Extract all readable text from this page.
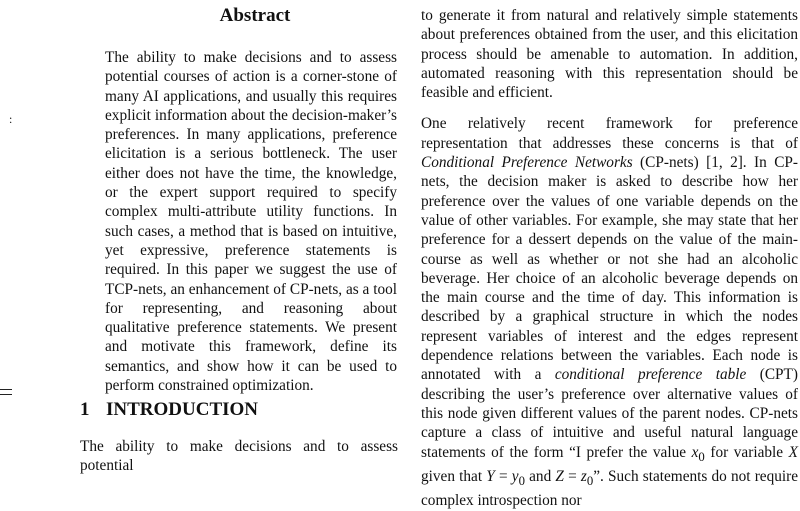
:
Abstract

The ability to make decisions and to assess potential courses of action is a corner-stone of many AI applications, and usually this requires explicit information about the decision-maker’s preferences. In many applications, preference elicitation is a serious bottleneck. The user either does not have the time, the knowledge, or the expert support required to specify complex multi-attribute utility functions. In such cases, a method that is based on intuitive, yet expressive, preference statements is required. In this paper we suggest the use of TCP-nets, an enhancement of CP-nets, as a tool for representing, and reasoning about qualitative preference statements. We present and motivate this framework, define its semantics, and show how it can be used to perform constrained optimization.

1 INTRODUCTION
The ability to make decisions and to assess potential

to generate it from natural and relatively simple statements about preferences obtained from the user, and this elicitation process should be amenable to automation. In addition, automated reasoning with this representation should be feasible and efficient.

One relatively recent framework for preference representation that addresses these concerns is that of Conditional Preference Networks (CP-nets) [1, 2]. In CP-nets, the decision maker is asked to describe how her preference over the values of one variable depends on the value of other variables. For example, she may state that her preference for a dessert depends on the value of the main-course as well as whether or not she had an alcoholic beverage. Her choice of an alcoholic beverage depends on the main course and the time of day. This information is described by a graphical structure in which the nodes represent variables of interest and the edges represent dependence relations between the variables. Each node is annotated with a conditional preference table (CPT) describing the user’s preference over alternative values of this node given different values of the parent nodes. CP-nets capture a class of intuitive and useful natural language statements of the form “I prefer the value $x_0$ for variable X given that $Y = y_0$ and $Z = z_0$”. Such statements do not require complex introspection nor
